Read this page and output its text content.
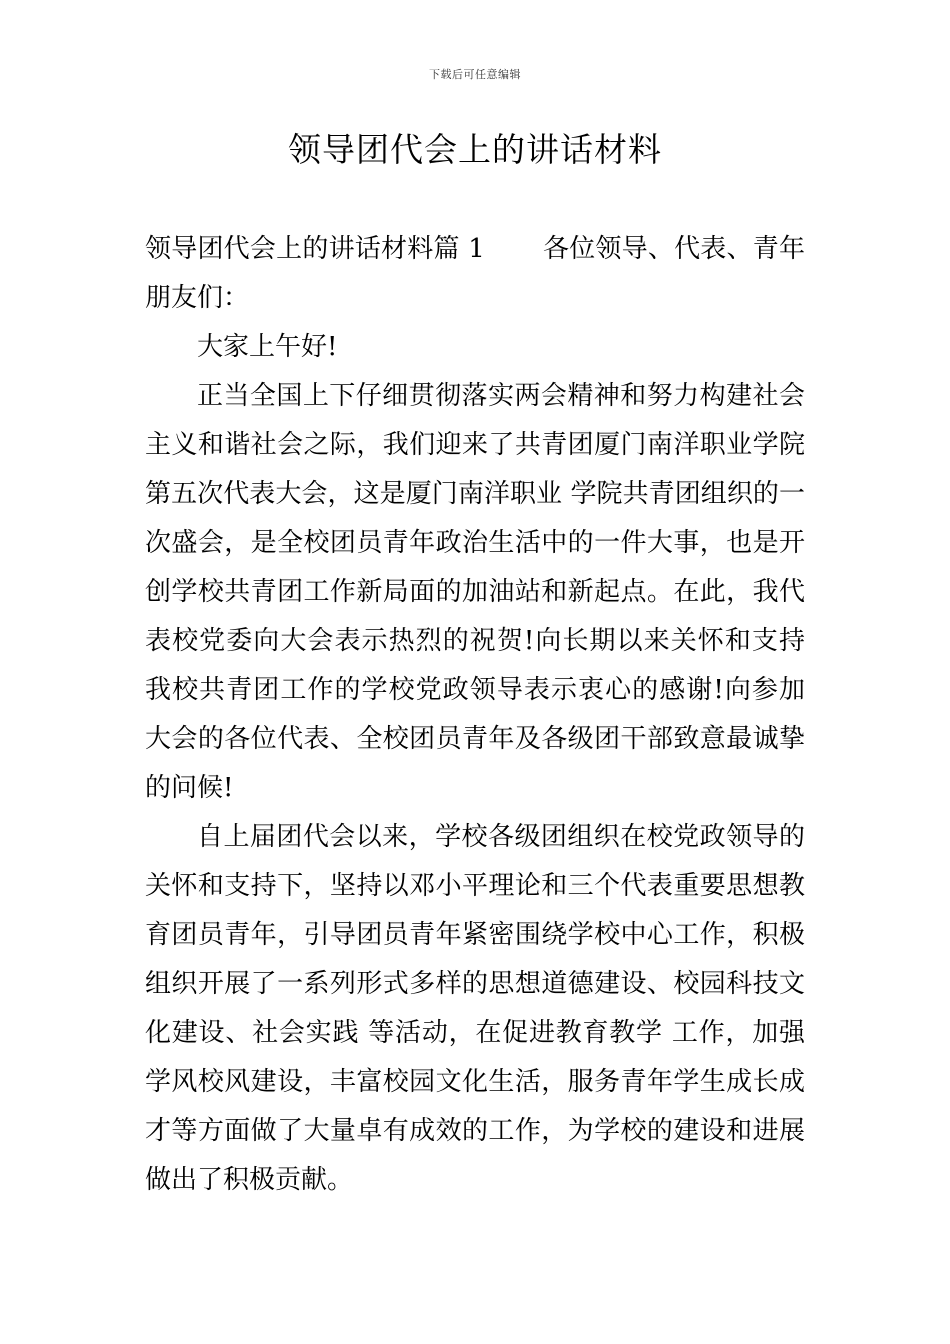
下载后可任意编辑
领导团代会上的讲话材料

领导团代会上的讲话材料篇 1 各位领导、代表、青年朋友们：

大家上午好!

正当全国上下仔细贯彻落实两会精神和努力构建社会主义和谐社会之际，我们迎来了共青团厦门南洋职业学院第五次代表大会，这是厦门南洋职业 学院共青团组织的一次盛会，是全校团员青年政治生活中的一件大事，也是开创学校共青团工作新局面的加油站和新起点。在此，我代表校党委向大会表示热烈的祝贺!向长期以来关怀和支持我校共青团工作的学校党政领导表示衷心的感谢!向参加大会的各位代表、全校团员青年及各级团干部致意最诚挚的问候!

自上届团代会以来，学校各级团组织在校党政领导的关怀和支持下，坚持以邓小平理论和三个代表重要思想教育团员青年，引导团员青年紧密围绕学校中心工作，积极组织开展了一系列形式多样的思想道德建设、校园科技文化建设、社会实践 等活动，在促进教育教学 工作，加强学风校风建设，丰富校园文化生活，服务青年学生成长成才等方面做了大量卓有成效的工作，为学校的建设和进展做出了积极贡献。
